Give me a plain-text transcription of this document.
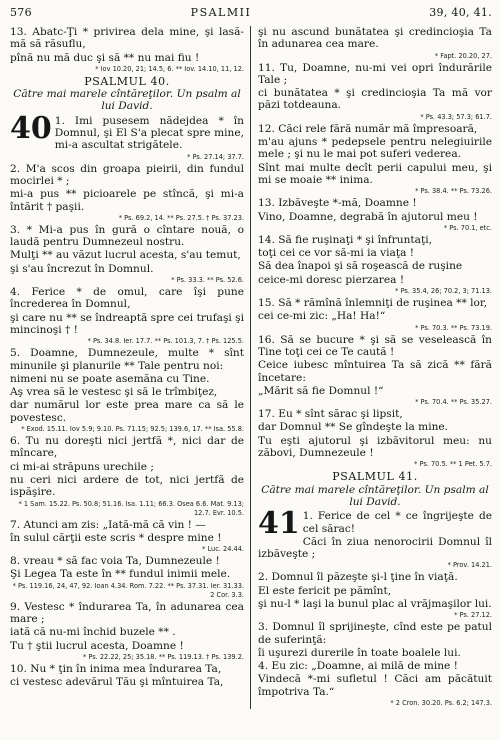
576	PSALMII	39, 40, 41.
13. Abatc-Ţi * privirea dela mine, şi lasă-mă să răsuflu,
pînă nu mă duc şi să ** nu mai fiu !
* Iov 10.20, 21; 14.5, 6. ** Iov. 14.10, 11, 12.
PSALMUL 40.
Către mai marele cîntăreţilor. Un psalm al lui David.

40 1. Imi pusesem nădejdea * în Domnul, şi El S'a plecat spre mine, mi-a ascultat strigătele.

* Ps. 27.14; 37.7.
2. M'a scos din groapa pieirii, din fundul mocirlei * ;
mi-a pus ** picioarele pe stîncă, şi mi-a întărit † paşii.
* Ps. 69.2, 14. ** Ps. 27.5. † Ps. 37.23.
3. * Mi-a pus în gură o cîntare nouă, o laudă pentru Dumnezeul nostru.
Mulţi ** au văzut lucrul acesta, s'au temut,
şi s'au încrezut în Domnul.
* Ps. 33.3. ** Ps. 52.6.
4. Ferice * de omul, care îşi pune încrederea în Domnul,
şi care nu ** se îndreaptă spre cei trufaşi şi mincinoşi † !
* Ps. 34.8. Ier. 17.7. ** Ps. 101.3, 7. † Ps. 125.5.
5. Doamne, Dumnezeule, multe * sînt minunile şi planurile ** Tale pentru noi:
nimeni nu se poate asemăna cu Tine.
Aş vrea să le vestesc şi să le trîmbiţez,
dar numărul lor este prea mare ca să le povestesc.
* Exod. 15.11. Iov 5.9; 9.10. Ps. 71.15; 92.5; 139.6, 17. ** Isa. 55.8.
6. Tu nu doreşti nici jertfă *, nici dar de mîncare,
ci mi-ai străpuns urechile ;
nu ceri nici ardere de tot, nici jertfă de ispăşire.
* 1 Sam. 15.22. Ps. 50.8; 51.16. Isa. 1.11; 66.3. Osea 6.6. Mat. 9.13; 12.7. Evr. 10.5.
7. Atunci am zis: „Iată-mă că vin ! —
în sulul cărţii este scris * despre mine !
* Luc. 24.44.
8. vreau * să fac voia Ta, Dumnezeule !
Şi Legea Ta este în ** fundul inimii mele.
* Ps. 119.16, 24, 47, 92. Ioan 4.34. Rom. 7.22. ** Ps. 37.31. Ier. 31.33. 2 Cor. 3.3.
9. Vestesc * îndurarea Ta, în adunarea cea mare ;
iată că nu-mi închid buzele ** .
Tu † ştii lucrul acesta, Doamne !
* Ps. 22.22, 25; 35.18. ** Ps. 119.13. † Ps. 139.2.
10. Nu * ţin în inima mea îndurarea Ta,
ci vestesc adevărul Tău şi mîntuirea Ta,
şi nu ascund bunătatea şi credincioşia Ta în adunarea cea mare.
* Fapt. 20.20, 27.
11. Tu, Doamne, nu-mi vei opri îndurările Tale ;
ci bunătatea * şi credincioşia Ta mă vor păzi totdeauna.
* Ps. 43.3; 57.3; 61.7.
12. Căci rele fără număr mă împresoară,
m'au ajuns * pedepsele pentru nelegiuirile mele ; şi nu le mai pot suferi vederea.
Sînt mai multe decît perii capului meu, şi mi se moaie ** inima.
* Ps. 38.4. ** Ps. 73.26.
13. Izbăveşte *-mă, Doamne !
Vino, Doamne, degrabă în ajutorul meu !
* Ps. 70.1, etc.
14. Să fie ruşinaţi * şi înfruntaţi,
toţi cei ce vor să-mi ia viaţa !
Să dea înapoi şi să roşească de ruşine
ceice-mi doresc pierzarea !
* Ps. 35.4, 26; 70.2, 3; 71.13.
15. Să * rămînă înlemniţi de ruşinea ** lor,
cei ce-mi zic: „Ha! Ha!“
* Ps. 70.3. ** Ps. 73.19.
16. Să se bucure * şi să se veselească în Tine toţi cei ce Te caută !
Ceice iubesc mîntuirea Ta să zică ** fără încetare:
„Mărit să fie Domnul !“
* Ps. 70.4. ** Ps. 35.27.
17. Eu * sînt sărac şi lipsit,
dar Domnul ** Se gîndeşte la mine.
Tu eşti ajutorul şi izbăvitorul meu: nu zăbovi, Dumnezeule !
* Ps. 70.5. ** 1 Pet. 5.7.
PSALMUL 41.
Către mai marele cîntăreţilor. Un psalm al lui David.

41 1. Ferice de cel * ce îngrijeşte de cel sărac!

Căci în ziua nenorocirii Domnul îl izbăveşte ;
* Prov. 14.21.
2. Domnul îl păzeşte şi-l ţine în viaţă.
El este fericit pe pămînt,
şi nu-l * laşi la bunul plac al vrăjmaşilor lui.
* Ps. 27.12.
3. Domnul îl sprijineşte, cînd este pe patul de suferinţă:
îi uşurezi durerile în toate boalele lui.
4. Eu zic: „Doamne, ai milă de mine !
Vindecă *-mi sufletul ! Căci am păcătuit împotriva Ta.“
* 2 Cron. 30.20. Ps. 6.2; 147.3.
